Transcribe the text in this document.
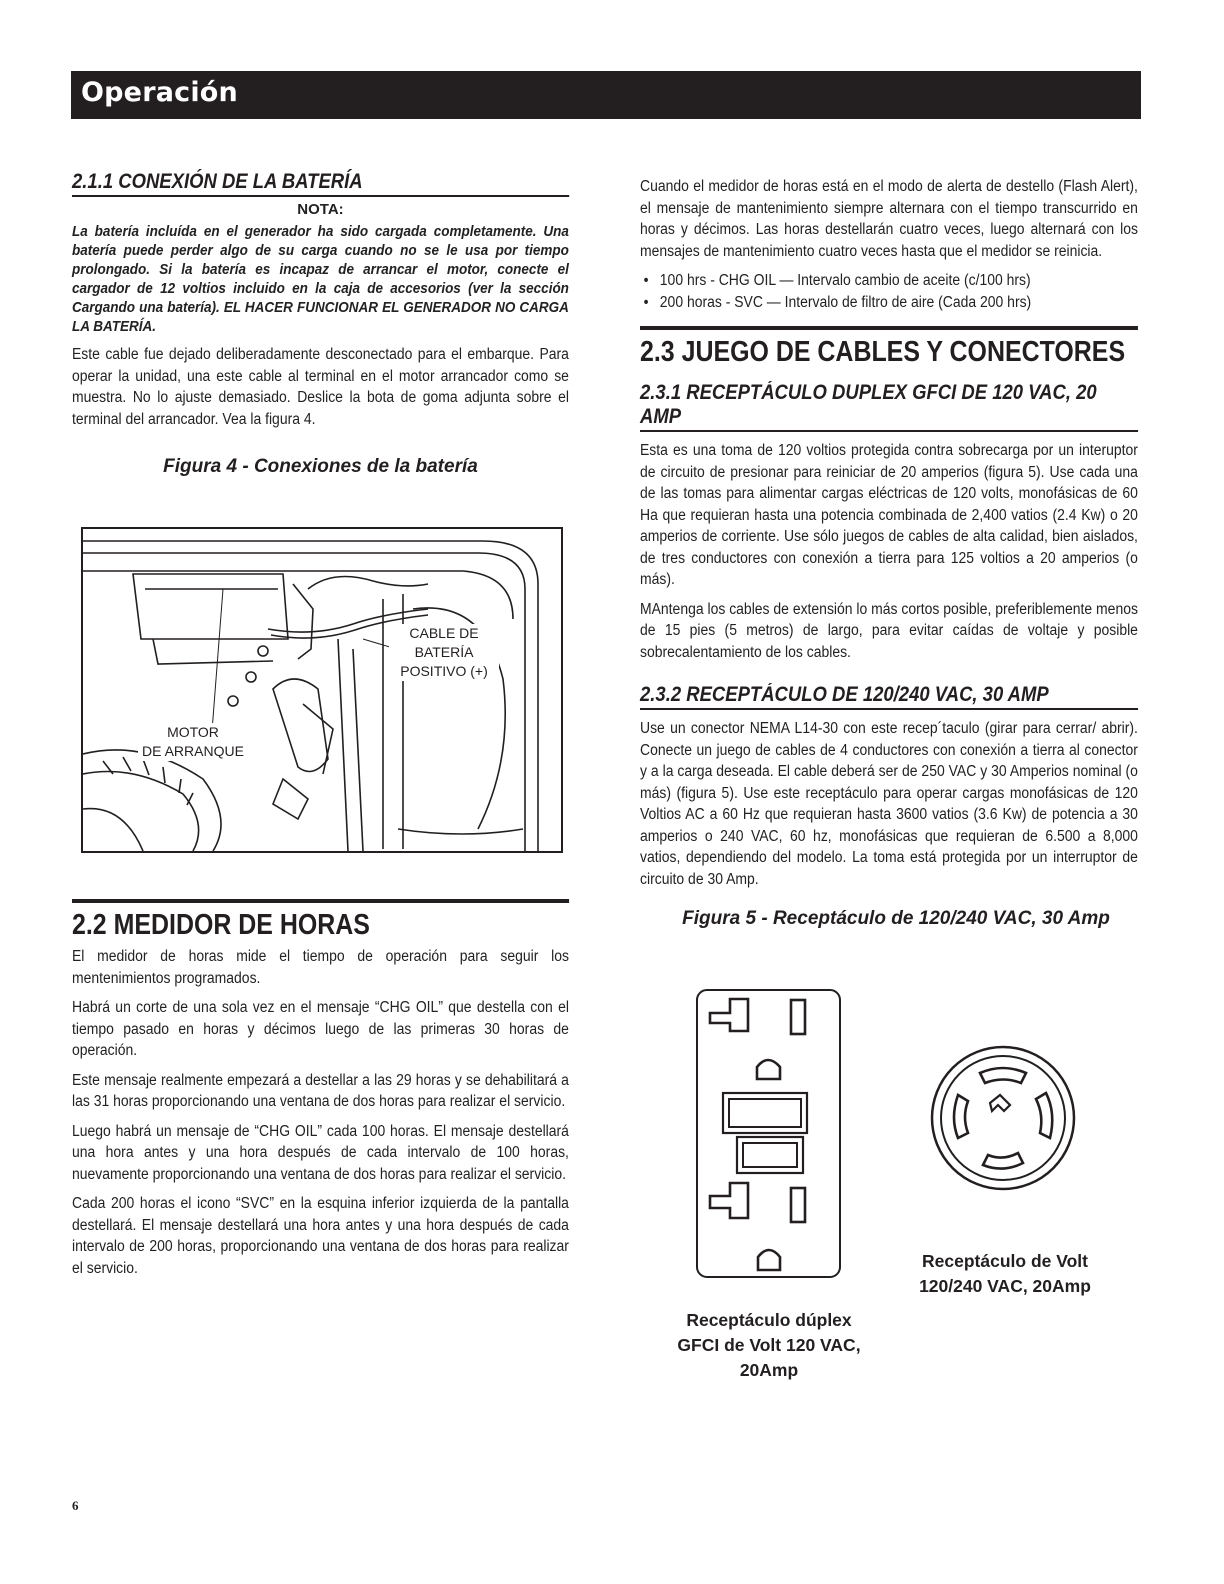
Operación
2.1.1 CONEXIÓN DE LA BATERÍA
NOTA:
La batería incluída en el generador ha sido cargada completamente. Una batería puede perder algo de su carga cuando no se le usa por tiempo prolongado. Si la batería es incapaz de arrancar el motor, conecte el cargador de 12 voltios incluido en la caja de accesorios (ver la sección Cargando una batería). EL HACER FUNCIONAR EL GENERADOR NO CARGA LA BATERÍA.

Este cable fue dejado deliberadamente desconectado para el embarque. Para operar la unidad, una este cable al terminal en el motor arrancador como se muestra. No lo ajuste demasiado. Deslice la bota de goma adjunta sobre el terminal del arrancador. Vea la figura 4.

Figura 4 - Conexiones de la batería
CABLE DE
BATERÍA
POSITIVO (+)
MOTOR
DE ARRANQUE
2.2 MEDIDOR DE HORAS

El medidor de horas mide el tiempo de operación para seguir los mentenimientos programados.

Habrá un corte de una sola vez en el mensaje “CHG OIL” que destella con el tiempo pasado en horas y décimos luego de las primeras 30 horas de operación.

Este mensaje realmente empezará a destellar a las 29 horas y se dehabilitará a las 31 horas proporcionando una ventana de dos horas para realizar el servicio.

Luego habrá un mensaje de “CHG OIL” cada 100 horas. El mensaje destellará una hora antes y una hora después de cada intervalo de 100 horas, nuevamente proporcionando una ventana de dos horas para realizar el servicio.

Cada 200 horas el icono “SVC” en la esquina inferior izquierda de la pantalla destellará. El mensaje destellará una hora antes y una hora después de cada intervalo de 200 horas, proporcionando una ventana de dos horas para realizar el servicio.

Cuando el medidor de horas está en el modo de alerta de destello (Flash Alert), el mensaje de mantenimiento siempre alternara con el tiempo transcurrido en horas y décimos. Las horas destellarán cuatro veces, luego alternará con los mensajes de mantenimiento cuatro veces hasta que el medidor se reinicia.

• 100 hrs - CHG OIL — Intervalo cambio de aceite (c/100 hrs)
• 200 horas - SVC — Intervalo de filtro de aire (Cada 200 hrs)
2.3 JUEGO DE CABLES Y CONECTORES
2.3.1 RECEPTÁCULO DUPLEX GFCI DE 120 VAC, 20 AMP

Esta es una toma de 120 voltios protegida contra sobrecarga por un interuptor de circuito de presionar para reiniciar de 20 amperios (figura 5). Use cada una de las tomas para alimentar cargas eléctricas de 120 volts, monofásicas de 60 Ha que requieran hasta una potencia combinada de 2,400 vatios (2.4 Kw) o 20 amperios de corriente. Use sólo juegos de cables de alta calidad, bien aislados, de tres conductores con conexión a tierra para 125 voltios a 20 amperios (o más).

MAntenga los cables de extensión lo más cortos posible, preferiblemente menos de 15 pies (5 metros) de largo, para evitar caídas de voltaje y posible sobrecalentamiento de los cables.

2.3.2 RECEPTÁCULO DE 120/240 VAC, 30 AMP

Use un conector NEMA L14-30 con este recep´taculo (girar para cerrar/ abrir). Conecte un juego de cables de 4 conductores con conexión a tierra al conector y a la carga deseada. El cable deberá ser de 250 VAC y 30 Amperios nominal (o más) (figura 5). Use este receptáculo para operar cargas monofásicas de 120 Voltios AC a 60 Hz que requieran hasta 3600 vatios (3.6 Kw) de potencia a 30 amperios o 240 VAC, 60 hz, monofásicas que requieran de 6.500 a 8,000 vatios, dependiendo del modelo. La toma está protegida por un interruptor de circuito de 30 Amp.

Figura 5 - Receptáculo de 120/240 VAC, 30 Amp
Receptáculo dúplex
GFCI de Volt 120 VAC,
20Amp
Receptáculo de Volt
120/240 VAC, 20Amp
6
